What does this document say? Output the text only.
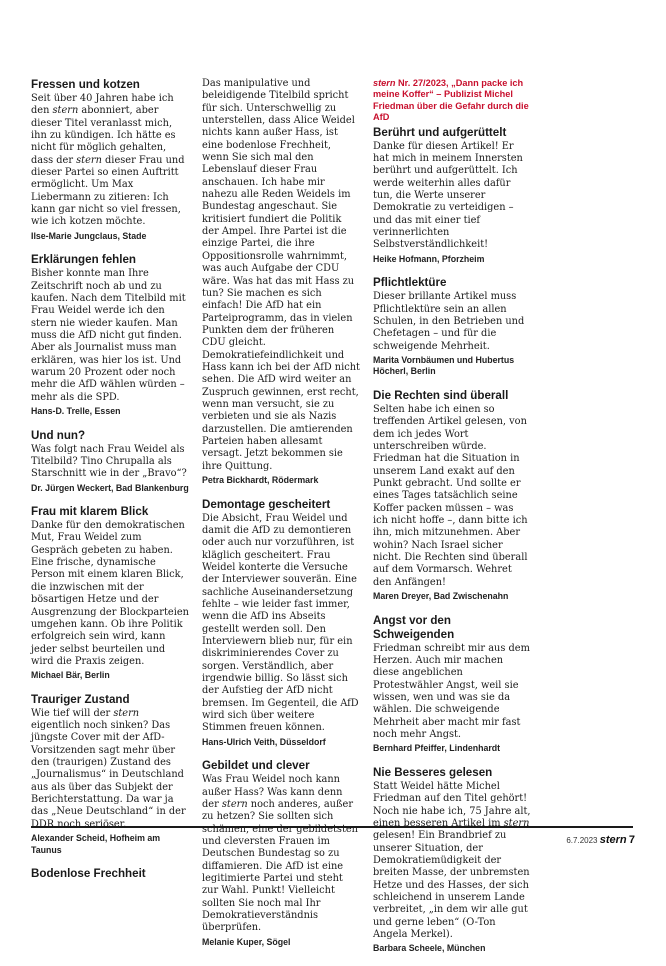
Fressen und kotzen

Seit über 40 Jahren habe ich den stern abonniert, aber dieser Titel veranlasst mich, ihn zu kündigen. Ich hätte es nicht für möglich gehalten, dass der stern dieser Frau und dieser Partei so einen Auftritt ermöglicht. Um Max Liebermann zu zitieren: Ich kann gar nicht so viel fressen, wie ich kotzen möchte.

Ilse-Marie Jungclaus, Stade
Erklärungen fehlen

Bisher konnte man Ihre Zeitschrift noch ab und zu kaufen. Nach dem Titelbild mit Frau Weidel werde ich den stern nie wieder kaufen. Man muss die AfD nicht gut finden. Aber als Journalist muss man erklären, was hier los ist. Und warum 20 Prozent oder noch mehr die AfD wählen würden – mehr als die SPD.

Hans-D. Trelle, Essen
Und nun?

Was folgt nach Frau Weidel als Titelbild? Tino Chrupalla als Starschnitt wie in der „Bravo“?

Dr. Jürgen Weckert, Bad Blankenburg
Frau mit klarem Blick

Danke für den demokratischen Mut, Frau Weidel zum Gespräch gebeten zu haben. Eine frische, dynamische Person mit einem klaren Blick, die inzwischen mit der bösartigen Hetze und der Ausgrenzung der Blockparteien umgehen kann. Ob ihre Politik erfolgreich sein wird, kann jeder selbst beurteilen und wird die Praxis zeigen.

Michael Bär, Berlin
Trauriger Zustand

Wie tief will der stern eigentlich noch sinken? Das jüngste Cover mit der AfD-Vorsitzenden sagt mehr über den (traurigen) Zustand des „Journalismus“ in Deutschland aus als über das Subjekt der Berichterstattung. Da war ja das „Neue Deutschland“ in der DDR noch seriöser.

Alexander Scheid, Hofheim am Taunus
Bodenlose Frechheit

Das manipulative und beleidigende Titelbild spricht für sich. Unterschwellig zu unterstellen, dass Alice Weidel nichts kann außer Hass, ist eine bodenlose Frechheit, wenn Sie sich mal den Lebenslauf dieser Frau anschauen. Ich habe mir nahezu alle Reden Weidels im Bundestag angeschaut. Sie kritisiert fundiert die Politik der Ampel. Ihre Partei ist die einzige Partei, die ihre Oppositionsrolle wahrnimmt, was auch Aufgabe der CDU wäre. Was hat das mit Hass zu tun? Sie machen es sich einfach! Die AfD hat ein Parteiprogramm, das in vielen Punkten dem der früheren CDU gleicht. Demokratiefeindlichkeit und Hass kann ich bei der AfD nicht sehen. Die AfD wird weiter an Zuspruch gewinnen, erst recht, wenn man versucht, sie zu verbieten und sie als Nazis darzustellen. Die amtierenden Parteien haben allesamt versagt. Jetzt bekommen sie ihre Quittung.

Petra Bickhardt, Rödermark
Demontage gescheitert

Die Absicht, Frau Weidel und damit die AfD zu demontieren oder auch nur vorzuführen, ist kläglich gescheitert. Frau Weidel konterte die Versuche der Interviewer souverän. Eine sachliche Auseinandersetzung fehlte – wie leider fast immer, wenn die AfD ins Abseits gestellt werden soll. Den Interviewern blieb nur, für ein diskriminierendes Cover zu sorgen. Verständlich, aber irgendwie billig. So lässt sich der Aufstieg der AfD nicht bremsen. Im Gegenteil, die AfD wird sich über weitere Stimmen freuen können.

Hans-Ulrich Veith, Düsseldorf
Gebildet und clever

Was Frau Weidel noch kann außer Hass? Was kann denn der stern noch anderes, außer zu hetzen? Sie sollten sich schämen, eine der gebildetsten und cleversten Frauen im Deutschen Bundestag so zu diffamieren. Die AfD ist eine legitimierte Partei und steht zur Wahl. Punkt! Vielleicht sollten Sie noch mal Ihr Demokratieverständnis überprüfen.

Melanie Kuper, Sögel

stern Nr. 27/2023, „Dann packe ich meine Koffer“ – Publizist Michel Friedman über die Gefahr durch die AfD

Berührt und aufgerüttelt

Danke für diesen Artikel! Er hat mich in meinem Innersten berührt und aufgerüttelt. Ich werde weiterhin alles dafür tun, die Werte unserer Demokratie zu verteidigen – und das mit einer tief verinnerlichten Selbstverständlichkeit!

Heike Hofmann, Pforzheim
Pflichtlektüre

Dieser brillante Artikel muss Pflichtlektüre sein an allen Schulen, in den Betrieben und Chefetagen – und für die schweigende Mehrheit.

Marita Vornbäumen und Hubertus Höcherl, Berlin
Die Rechten sind überall

Selten habe ich einen so treffenden Artikel gelesen, von dem ich jedes Wort unterschreiben würde. Friedman hat die Situation in unserem Land exakt auf den Punkt gebracht. Und sollte er eines Tages tatsächlich seine Koffer packen müssen – was ich nicht hoffe –, dann bitte ich ihn, mich mitzunehmen. Aber wohin? Nach Israel sicher nicht. Die Rechten sind überall auf dem Vormarsch. Wehret den Anfängen!

Maren Dreyer, Bad Zwischenahn
Angst vor den Schweigenden

Friedman schreibt mir aus dem Herzen. Auch mir machen diese angeblichen Protestwähler Angst, weil sie wissen, wen und was sie da wählen. Die schweigende Mehrheit aber macht mir fast noch mehr Angst.

Bernhard Pfeiffer, Lindenhardt
Nie Besseres gelesen

Statt Weidel hätte Michel Friedman auf den Titel gehört! Noch nie habe ich, 75 Jahre alt, einen besseren Artikel im stern gelesen! Ein Brandbrief zu unserer Situation, der Demokratiemüdigkeit der breiten Masse, der unbremsten Hetze und des Hasses, der sich schleichend in unserem Lande verbreitet, „in dem wir alle gut und gerne leben“ (O-Ton Angela Merkel).

Barbara Scheele, München
6.7.2023 stern 7
